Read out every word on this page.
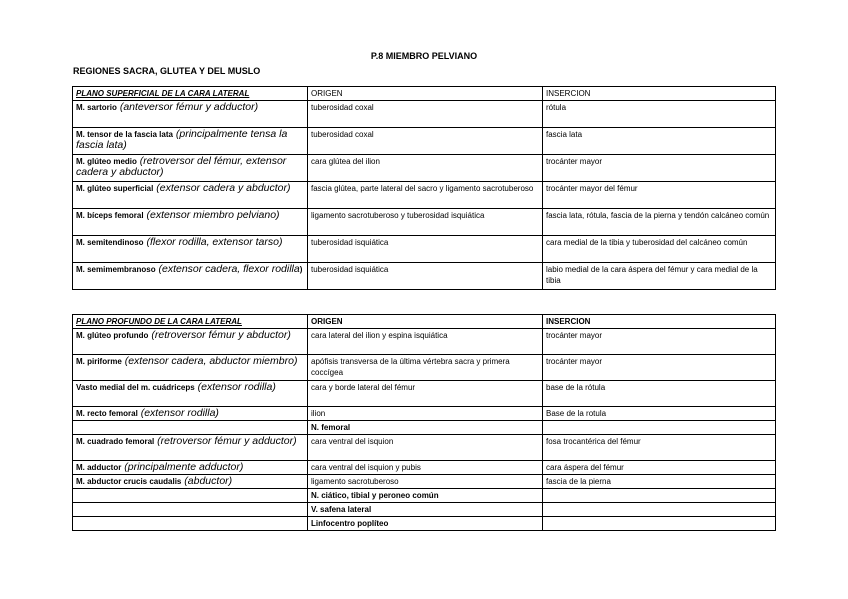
P.8 MIEMBRO PELVIANO
REGIONES SACRA, GLUTEA Y DEL MUSLO
PLANO SUPERFICIAL DE LA CARA LATERAL	ORIGEN	INSERCION
M. sartorio (anteversor fémur y adductor)	tuberosidad coxal	rótula
M. tensor de la fascia lata (principalmente tensa la fascia lata)	tuberosidad coxal	fascia lata
M. glúteo medio (retroversor del fémur, extensor cadera y abductor)	cara glútea del ilion	trocánter mayor
M. glúteo superficial (extensor cadera y abductor)	fascia glútea, parte lateral del sacro y ligamento sacrotuberoso	trocánter mayor del fémur
M. bíceps femoral (extensor miembro pelviano)	ligamento sacrotuberoso y tuberosidad isquiática	fascia lata, rótula, fascia de la pierna y tendón calcáneo común
M. semitendinoso (flexor rodilla, extensor tarso)	tuberosidad isquiática	cara medial de la tibia y tuberosidad del calcáneo común
M. semimembranoso (extensor cadera, flexor rodilla)	tuberosidad isquiática	labio medial de la cara áspera del fémur y cara medial de la tibia
PLANO PROFUNDO DE LA CARA LATERAL	ORIGEN	INSERCION
M. glúteo profundo (retroversor fémur y abductor)	cara lateral del ilion y espina isquiática	trocánter mayor
M. piriforme (extensor cadera, abductor miembro)	apófisis transversa de la última vértebra sacra y primera coccígea	trocánter mayor
Vasto medial del m. cuádriceps (extensor rodilla)	cara y borde lateral del fémur	base de la rótula
M. recto femoral (extensor rodilla)	ilion	Base de la rotula
	N. femoral	
M. cuadrado femoral (retroversor fémur y adductor)	cara ventral del isquion	fosa trocantérica del fémur
M. adductor (principalmente adductor)	cara ventral del isquion y pubis	cara áspera del fémur
M. abductor crucis caudalis (abductor)	ligamento sacrotuberoso	fascia de la pierna
	N. ciático, tibial y peroneo común	
	V. safena lateral	
	Linfocentro poplíteo	
